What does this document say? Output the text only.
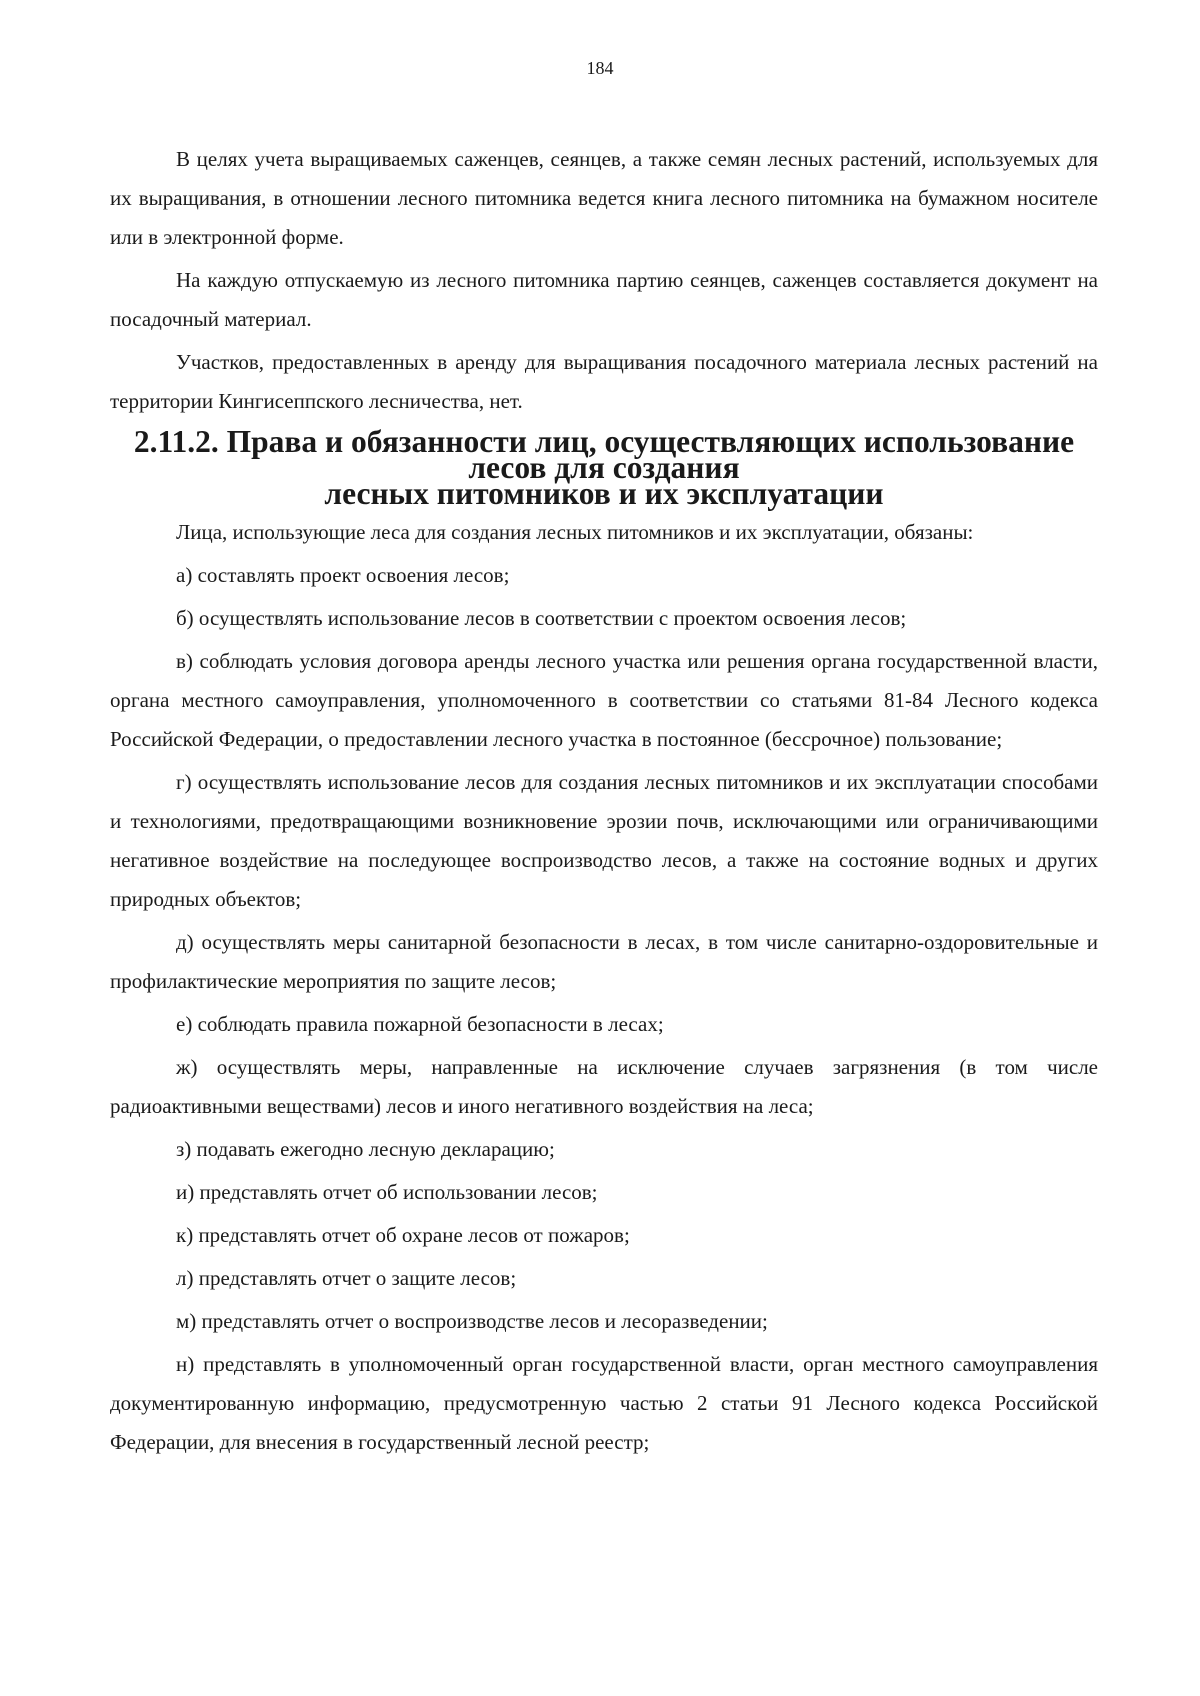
184

В целях учета выращиваемых саженцев, сеянцев, а также семян лесных растений, используемых для их выращивания, в отношении лесного питомника ведется книга лесного питомника на бумажном носителе или в электронной форме.

На каждую отпускаемую из лесного питомника партию сеянцев, саженцев составляется документ на посадочный материал.

Участков, предоставленных в аренду для выращивания посадочного материала лесных растений на территории Кингисеппского лесничества, нет.

2.11.2. Права и обязанности лиц, осуществляющих использование лесов для создания
лесных питомников и их эксплуатации

Лица, использующие леса для создания лесных питомников и их эксплуатации, обязаны:

а) составлять проект освоения лесов;

б) осуществлять использование лесов в соответствии с проектом освоения лесов;

в) соблюдать условия договора аренды лесного участка или решения органа государственной власти, органа местного самоуправления, уполномоченного в соответствии со статьями 81-84 Лесного кодекса Российской Федерации, о предоставлении лесного участка в постоянное (бессрочное) пользование;

г) осуществлять использование лесов для создания лесных питомников и их эксплуатации способами и технологиями, предотвращающими возникновение эрозии почв, исключающими или ограничивающими негативное воздействие на последующее воспроизводство лесов, а также на состояние водных и других природных объектов;

д) осуществлять меры санитарной безопасности в лесах, в том числе санитарно-оздоровительные и профилактические мероприятия по защите лесов;

е) соблюдать правила пожарной безопасности в лесах;

ж) осуществлять меры, направленные на исключение случаев загрязнения (в том числе радиоактивными веществами) лесов и иного негативного воздействия на леса;

з) подавать ежегодно лесную декларацию;

и) представлять отчет об использовании лесов;

к) представлять отчет об охране лесов от пожаров;

л) представлять отчет о защите лесов;

м) представлять отчет о воспроизводстве лесов и лесоразведении;

н) представлять в уполномоченный орган государственной власти, орган местного самоуправления документированную информацию, предусмотренную частью 2 статьи 91 Лесного кодекса Российской Федерации, для внесения в государственный лесной реестр;
